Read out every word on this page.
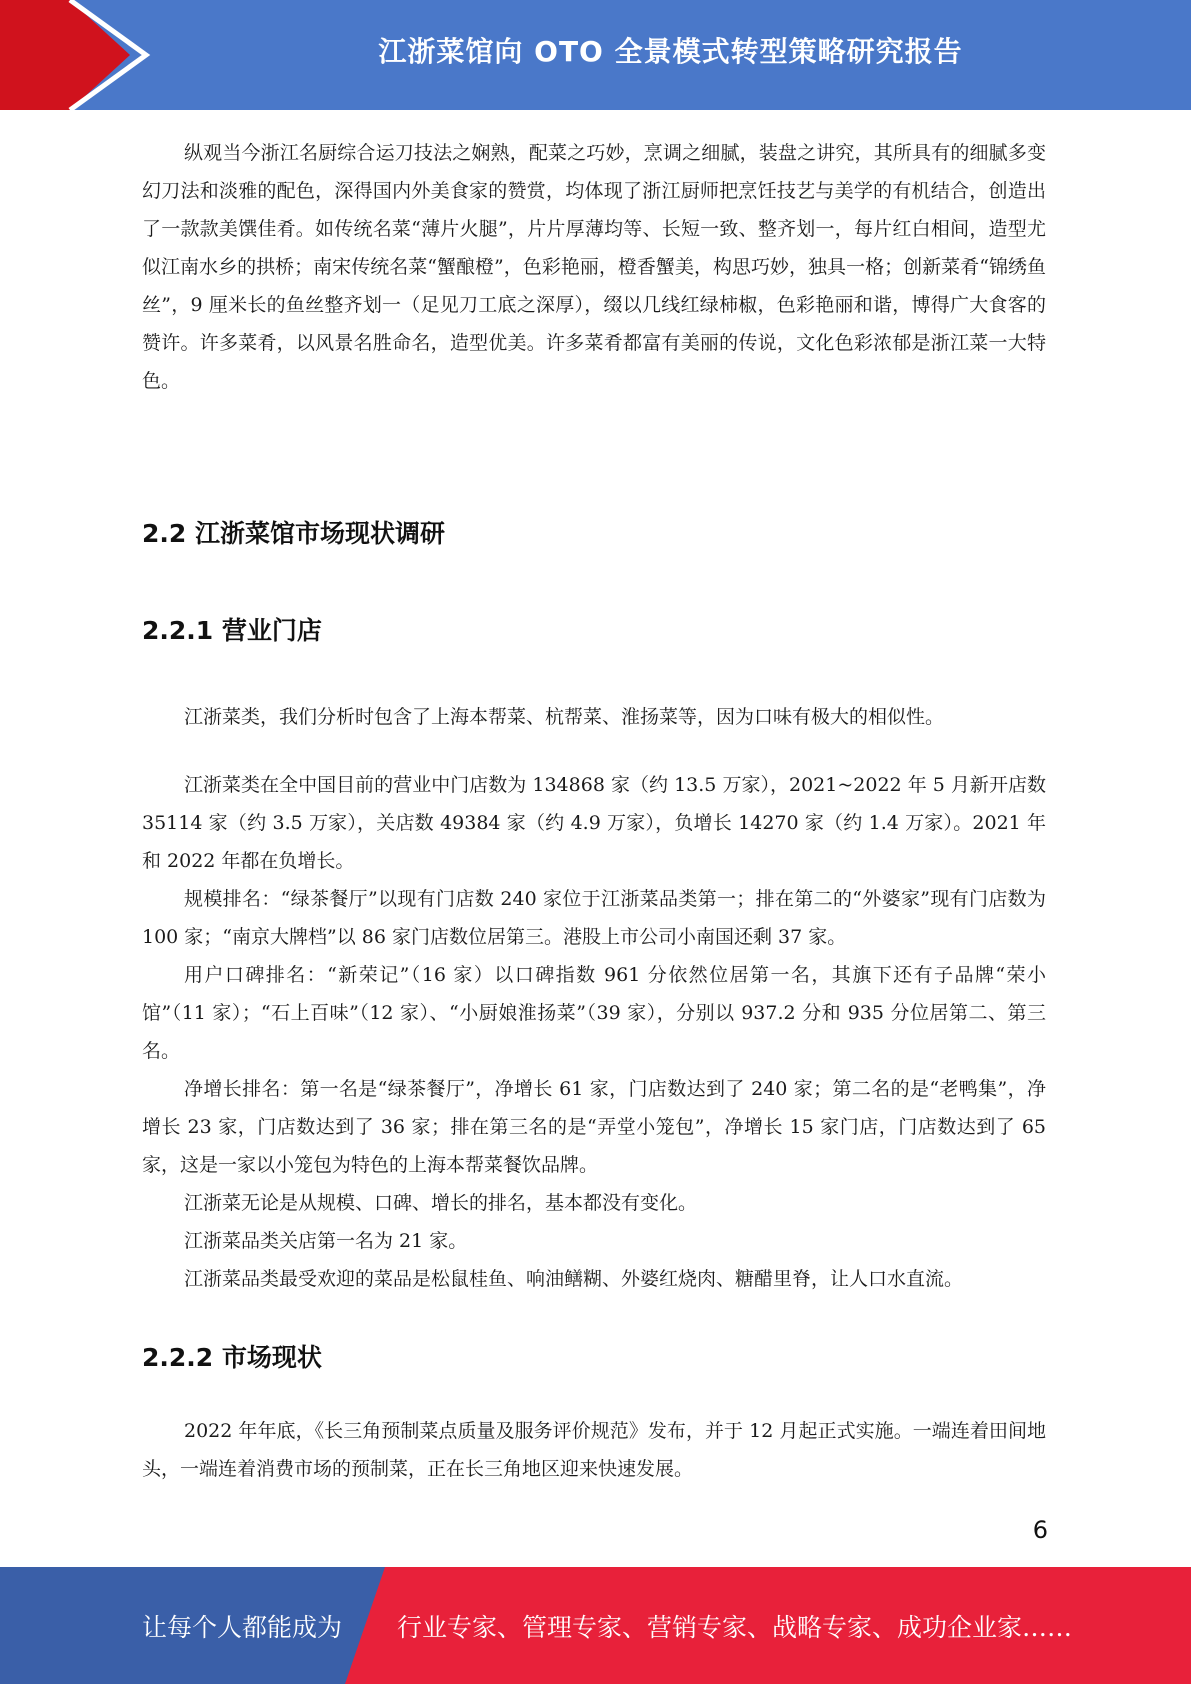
江浙菜馆向 OTO 全景模式转型策略研究报告

纵观当今浙江名厨综合运刀技法之娴熟，配菜之巧妙，烹调之细腻，装盘之讲究，其所具有的细腻多变幻刀法和淡雅的配色，深得国内外美食家的赞赏，均体现了浙江厨师把烹饪技艺与美学的有机结合，创造出了一款款美馔佳肴。如传统名菜“薄片火腿”，片片厚薄均等、长短一致、整齐划一，每片红白相间，造型尤似江南水乡的拱桥；南宋传统名菜“蟹酿橙”，色彩艳丽，橙香蟹美，构思巧妙，独具一格；创新菜肴“锦绣鱼丝”，9 厘米长的鱼丝整齐划一（足见刀工底之深厚），缀以几线红绿柿椒，色彩艳丽和谐，博得广大食客的赞许。许多菜肴，以风景名胜命名，造型优美。许多菜肴都富有美丽的传说，文化色彩浓郁是浙江菜一大特色。

2.2 江浙菜馆市场现状调研
2.2.1 营业门店

江浙菜类，我们分析时包含了上海本帮菜、杭帮菜、淮扬菜等，因为口味有极大的相似性。

江浙菜类在全中国目前的营业中门店数为 134868 家（约 13.5 万家），2021~2022 年 5 月新开店数 35114 家（约 3.5 万家），关店数 49384 家（约 4.9 万家），负增长 14270 家（约 1.4 万家）。2021 年和 2022 年都在负增长。

规模排名：“绿茶餐厅”以现有门店数 240 家位于江浙菜品类第一；排在第二的“外婆家”现有门店数为 100 家；“南京大牌档”以 86 家门店数位居第三。港股上市公司小南国还剩 37 家。

用户口碑排名：“新荣记”（16 家）以口碑指数 961 分依然位居第一名，其旗下还有子品牌“荣小馆”（11 家）；“石上百味”（12 家）、“小厨娘淮扬菜”（39 家），分别以 937.2 分和 935 分位居第二、第三名。

净增长排名：第一名是“绿茶餐厅”，净增长 61 家，门店数达到了 240 家；第二名的是“老鸭集”，净增长 23 家，门店数达到了 36 家；排在第三名的是“弄堂小笼包”，净增长 15 家门店，门店数达到了 65 家，这是一家以小笼包为特色的上海本帮菜餐饮品牌。

江浙菜无论是从规模、口碑、增长的排名，基本都没有变化。

江浙菜品类关店第一名为 21 家。

江浙菜品类最受欢迎的菜品是松鼠桂鱼、响油鳝糊、外婆红烧肉、糖醋里脊，让人口水直流。

2.2.2 市场现状

2022 年年底，《长三角预制菜点质量及服务评价规范》发布，并于 12 月起正式实施。一端连着田间地头，一端连着消费市场的预制菜，正在长三角地区迎来快速发展。

6
让每个人都能成为 行业专家、管理专家、营销专家、战略专家、成功企业家……
